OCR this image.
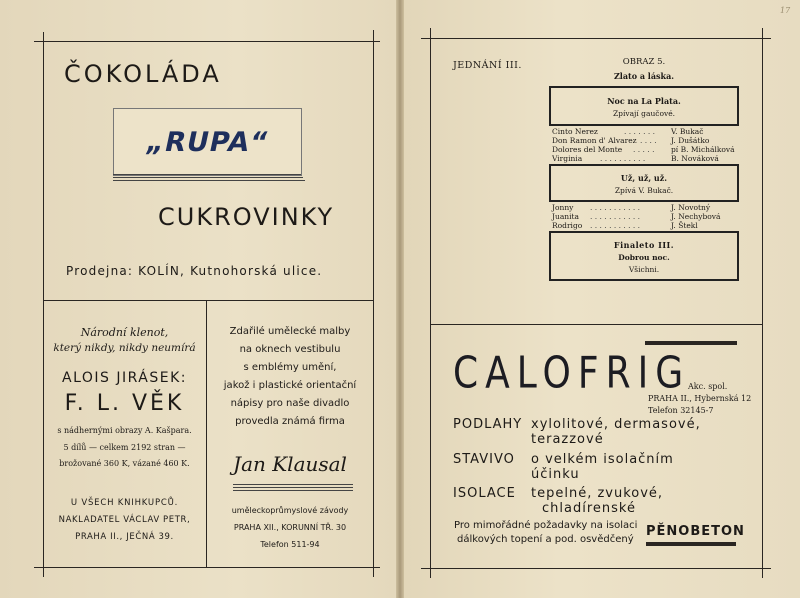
ČOKOLÁDA
„RUPA“
CUKROVINKY
Prodejna: KOLÍN, Kutnohorská ulice.
Národní klenot,
který nikdy, nikdy neumírá
ALOIS JIRÁSEK:
F. L. VĚK
s nádhernými obrazy A. Kašpara.
5 dílů — celkem 2192 stran —
brožované 360 K, vázané 460 K.
U VŠECH KNIHKUPCŮ.
NAKLADATEL VÁCLAV PETR,
PRAHA II., JEČNÁ 39.
Zdařilé umělecké malby
na oknech vestibulu
s emblémy umění,
jakož i plastické orientační
nápisy pro naše divadlo
provedla známá firma
Jan Klausal
uměleckoprůmyslové závody
PRAHA XII., KORUNNÍ TŘ. 30
Telefon 511-94
17
JEDNÁNÍ III.	OBRAZ 5.
Zlato a láska.
Noc na La Plata.
Zpívají gaučové.
Cinto Nerez	. . . . . . . V. Bukač
Don Ramon d' Alvarez . . . . J. Dušátko
Dolores del Monte . . . . . pí B. Michálková
Virginia . . . . . . . . . .	B. Nováková
Už, už, už.
Zpívá V. Bukač.
Jonny . . . . . . . . . . .	J. Novotný
Juanita . . . . . . . . . . .	J. Nechybová
Rodrigo . . . . . . . . . . .	J. Štekl
Finaleto III.
Dobrou noc.
Všichni.
CALOFRIG
Akc. spol.
PRAHA II., Hybernská 12
Telefon 32145-7
PODLAHY xylolitové, dermasové,
terazzové
STAVIVO o velkém isolačním
účinku
ISOLACE tepelné, zvukové,
chladírenské
Pro mimořádné požadavky na isolaci
dálkových topení a pod. osvědčený
PĚNOBETON
